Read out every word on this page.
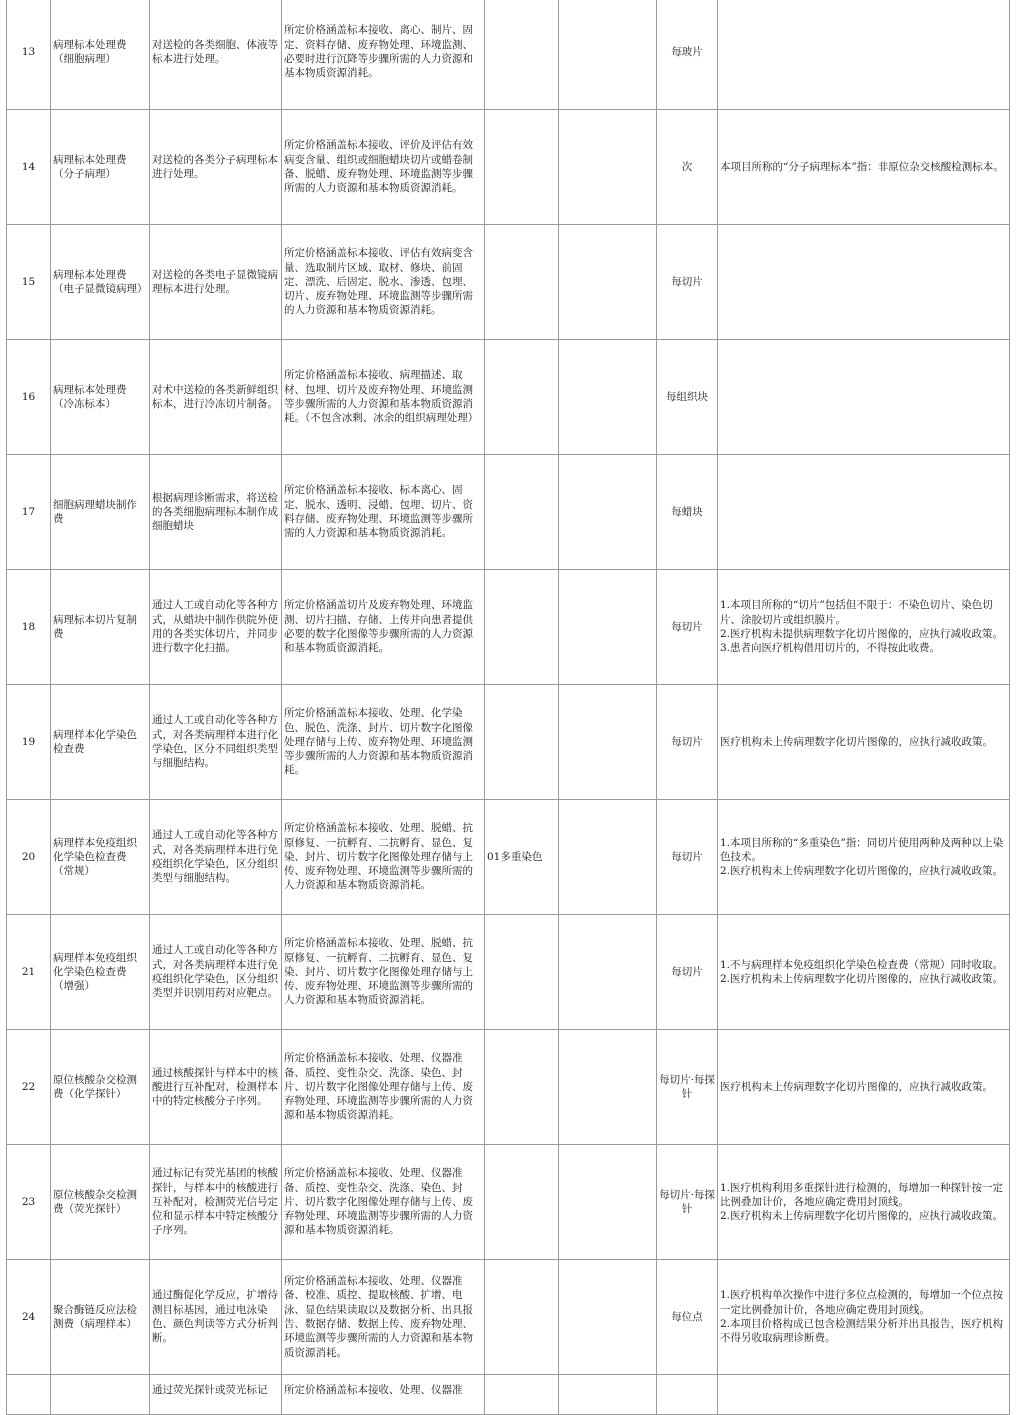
13	病理标本处理费（细胞病理）	对送检的各类细胞、体液等标本进行处理。	所定价格涵盖标本接收、离心、制片、固定、资料存储、废弃物处理、环境监测、必要时进行沉降等步骤所需的人力资源和基本物质资源消耗。			每玻片	
14	病理标本处理费（分子病理）	对送检的各类分子病理标本进行处理。	所定价格涵盖标本接收、评价及评估有效病变含量、组织或细胞蜡块切片或蜡卷制备、脱蜡、废弃物处理、环境监测等步骤所需的人力资源和基本物质资源消耗。			次	本项目所称的“分子病理标本”指：非原位杂交核酸检测标本。
15	病理标本处理费（电子显微镜病理）	对送检的各类电子显微镜病理标本进行处理。	所定价格涵盖标本接收、评估有效病变含量、选取制片区域、取材、修块、前固定、漂洗、后固定、脱水、渗透、包埋、切片、废弃物处理、环境监测等步骤所需的人力资源和基本物质资源消耗。			每切片	
16	病理标本处理费（冷冻标本）	对术中送检的各类新鲜组织标本，进行冷冻切片制备。	所定价格涵盖标本接收、病理描述、取材、包埋、切片及废弃物处理、环境监测等步骤所需的人力资源和基本物质资源消耗。（不包含冰剩、冰余的组织病理处理）			每组织块	
17	细胞病理蜡块制作费	根据病理诊断需求，将送检的各类细胞病理标本制作成细胞蜡块	所定价格涵盖标本接收、标本离心、固定、脱水、透明、浸蜡、包埋、切片、资料存储、废弃物处理、环境监测等步骤所需的人力资源和基本物质资源消耗。			每蜡块	
18	病理标本切片复制费	通过人工或自动化等各种方式，从蜡块中制作供院外使用的各类实体切片，并同步进行数字化扫描。	所定价格涵盖切片及废弃物处理、环境监测、切片扫描、存储、上传并向患者提供必要的数字化图像等步骤所需的人力资源和基本物质资源消耗。			每切片	1.本项目所称的“切片”包括但不限于：不染色切片、染色切片、涂胶切片或组织膜片。
2.医疗机构未提供病理数字化切片图像的，应执行减收政策。
3.患者向医疗机构借用切片的，不得按此收费。
19	病理样本化学染色检查费	通过人工或自动化等各种方式，对各类病理样本进行化学染色，区分不同组织类型与细胞结构。	所定价格涵盖标本接收、处理、化学染色、脱色、洗涤、封片、切片数字化图像处理存储与上传、废弃物处理、环境监测等步骤所需的人力资源和基本物质资源消耗。			每切片	医疗机构未上传病理数字化切片图像的，应执行减收政策。
20	病理样本免疫组织化学染色检查费（常规）	通过人工或自动化等各种方式，对各类病理样本进行免疫组织化学染色，区分组织类型与细胞结构。	所定价格涵盖标本接收、处理、脱蜡、抗原修复、一抗孵育、二抗孵育、显色、复染、封片、切片数字化图像处理存储与上传、废弃物处理、环境监测等步骤所需的人力资源和基本物质资源消耗。	01多重染色		每切片	1.本项目所称的“多重染色”指：同切片使用两种及两种以上染色技术。
2.医疗机构未上传病理数字化切片图像的，应执行减收政策。
21	病理样本免疫组织化学染色检查费（增强）	通过人工或自动化等各种方式，对各类病理样本进行免疫组织化学染色，区分组织类型并识别用药对应靶点。	所定价格涵盖标本接收、处理、脱蜡、抗原修复、一抗孵育、二抗孵育、显色、复染、封片、切片数字化图像处理存储与上传、废弃物处理、环境监测等步骤所需的人力资源和基本物质资源消耗。			每切片	1.不与病理样本免疫组织化学染色检查费（常规）同时收取。
2.医疗机构未上传病理数字化切片图像的，应执行减收政策。
22	原位核酸杂交检测费（化学探针）	通过核酸探针与样本中的核酸进行互补配对，检测样本中的特定核酸分子序列。	所定价格涵盖标本接收、处理、仪器准备、质控、变性杂交、洗涤、染色、封片、切片数字化图像处理存储与上传、废弃物处理、环境监测等步骤所需的人力资源和基本物质资源消耗。			每切片·每探针	医疗机构未上传病理数字化切片图像的，应执行减收政策。
23	原位核酸杂交检测费（荧光探针）	通过标记有荧光基团的核酸探针，与样本中的核酸进行互补配对，检测荧光信号定位和显示样本中特定核酸分子序列。	所定价格涵盖标本接收、处理、仪器准备、质控、变性杂交、洗涤、染色、封片、切片数字化图像处理存储与上传、废弃物处理、环境监测等步骤所需的人力资源和基本物质资源消耗。			每切片·每探针	1.医疗机构利用多重探针进行检测的，每增加一种探针按一定比例叠加计价，各地应确定费用封顶线。
2.医疗机构未上传病理数字化切片图像的，应执行减收政策。
24	聚合酶链反应法检测费（病理样本）	通过酶促化学反应，扩增待测目标基因，通过电泳染色、颜色判读等方式分析判断。	所定价格涵盖标本接收、处理、仪器准备、校准、质控、提取核酸、扩增、电泳、显色结果读取以及数据分析、出具报告、数据存储、数据上传、废弃物处理、环境监测等步骤所需的人力资源和基本物质资源消耗。			每位点	1.医疗机构单次操作中进行多位点检测的，每增加一个位点按一定比例叠加计价，各地应确定费用封顶线。
2.本项目价格构成已包含检测结果分析并出具报告，医疗机构不得另收取病理诊断费。
		通过荧光探针或荧光标记	所定价格涵盖标本接收、处理、仪器准				
